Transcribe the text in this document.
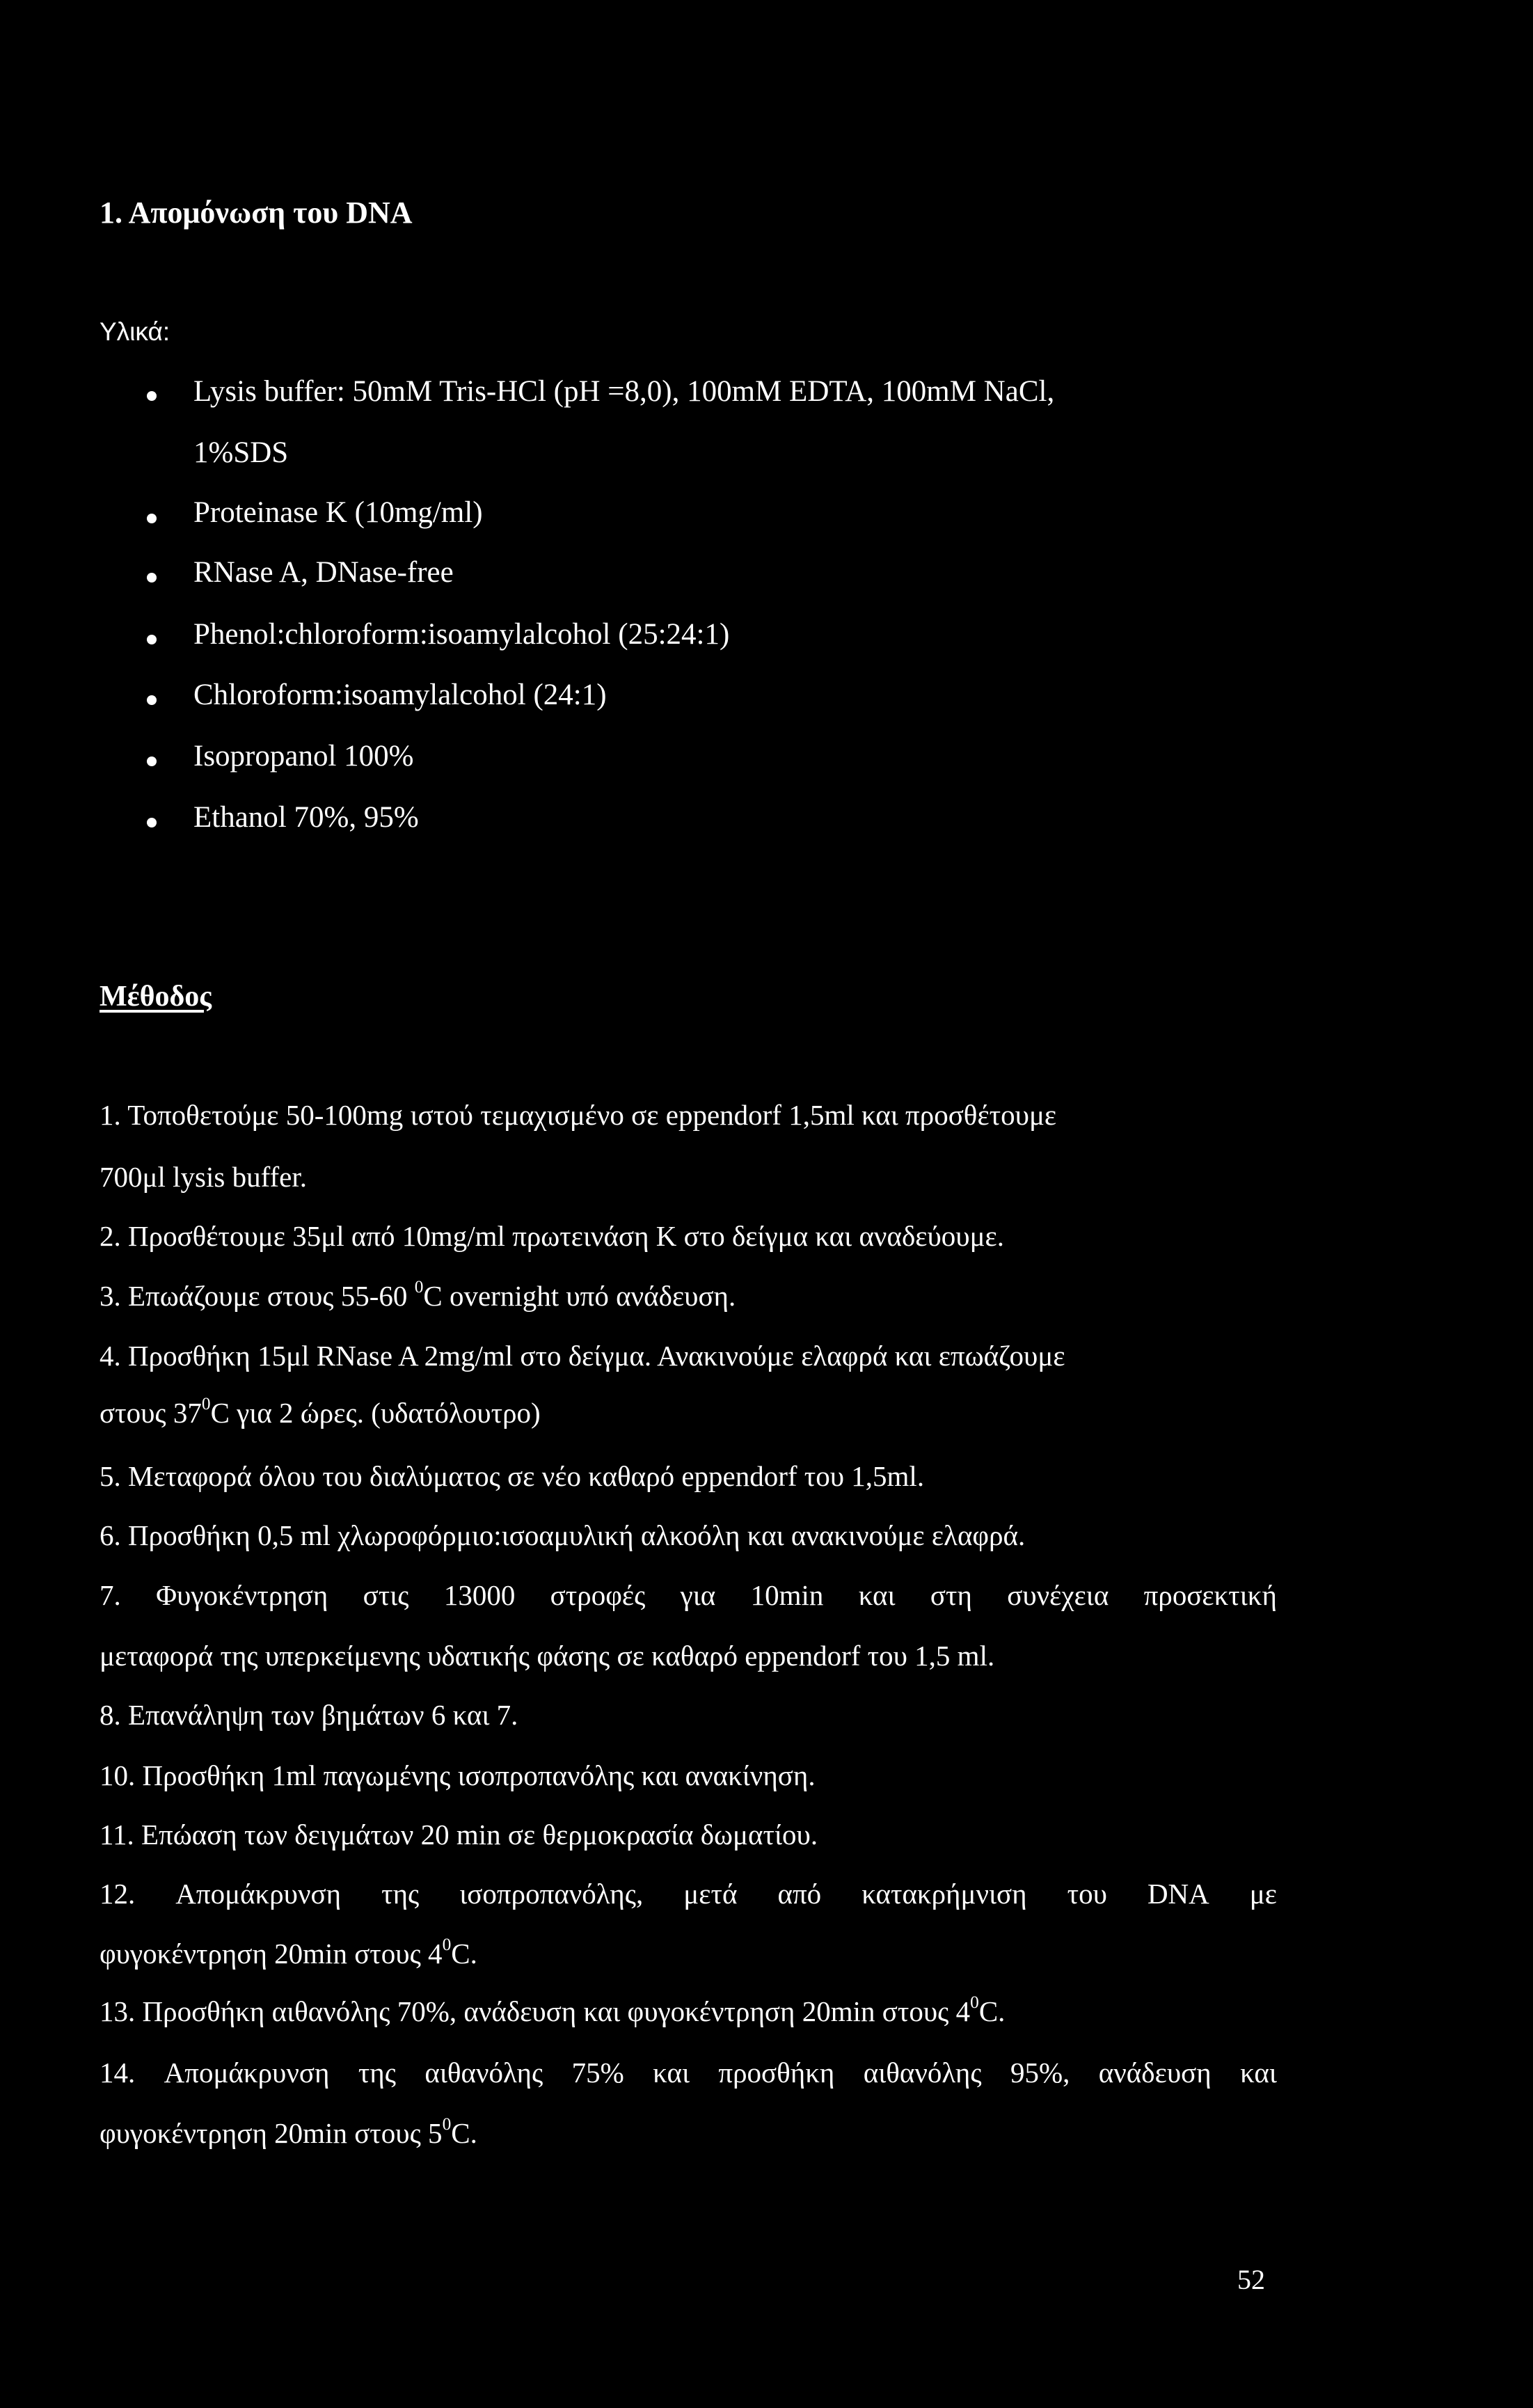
1. Απομόνωση του DNA
Υλικά:
Lysis buffer: 50mM Tris-HCl (pH =8,0), 100mM EDTA, 100mM NaCl,
1%SDS
Proteinase K (10mg/ml)
RNase A, DNase-free
Phenol:chloroform:isoamylalcohol (25:24:1)
Chloroform:isoamylalcohol (24:1)
Isopropanol 100%
Ethanol 70%, 95%
Μέθοδος
1. Τοποθετούμε 50-100mg ιστού τεμαχισμένο σε eppendorf 1,5ml και προσθέτουμε
700μl lysis buffer.
2. Προσθέτουμε 35μl από 10mg/ml πρωτεινάση Κ στο δείγμα και αναδεύουμε.
3. Επωάζουμε στους 55-60 $^0$C overnight υπό ανάδευση.
4. Προσθήκη 15μl RNase A 2mg/ml στο δείγμα. Ανακινούμε ελαφρά και επωάζουμε
στους $37^0C$ για 2 ώρες. (υδατόλουτρο)
5. Μεταφορά όλου του διαλύματος σε νέο καθαρό eppendorf του 1,5ml.
6. Προσθήκη 0,5 ml χλωροφόρμιο:ισοαμυλική αλκοόλη και ανακινούμε ελαφρά.
7. Φυγοκέντρηση στις 13000 στροφές για 10min και στη συνέχεια προσεκτική
μεταφορά της υπερκείμενης υδατικής φάσης σε καθαρό eppendorf του 1,5 ml.
8. Επανάληψη των βημάτων 6 και 7.
10. Προσθήκη 1ml παγωμένης ισοπροπανόλης και ανακίνηση.
11. Επώαση των δειγμάτων 20 min σε θερμοκρασία δωματίου.
12. Απομάκρυνση της ισοπροπανόλης, μετά από κατακρήμνιση του DNA με
φυγοκέντρηση 20min στους $4^0C$.
13. Προσθήκη αιθανόλης 70%, ανάδευση και φυγοκέντρηση 20min στους $4^0C$.
14. Απομάκρυνση της αιθανόλης 75% και προσθήκη αιθανόλης 95%, ανάδευση και
φυγοκέντρηση 20min στους $5^0C$.
52
